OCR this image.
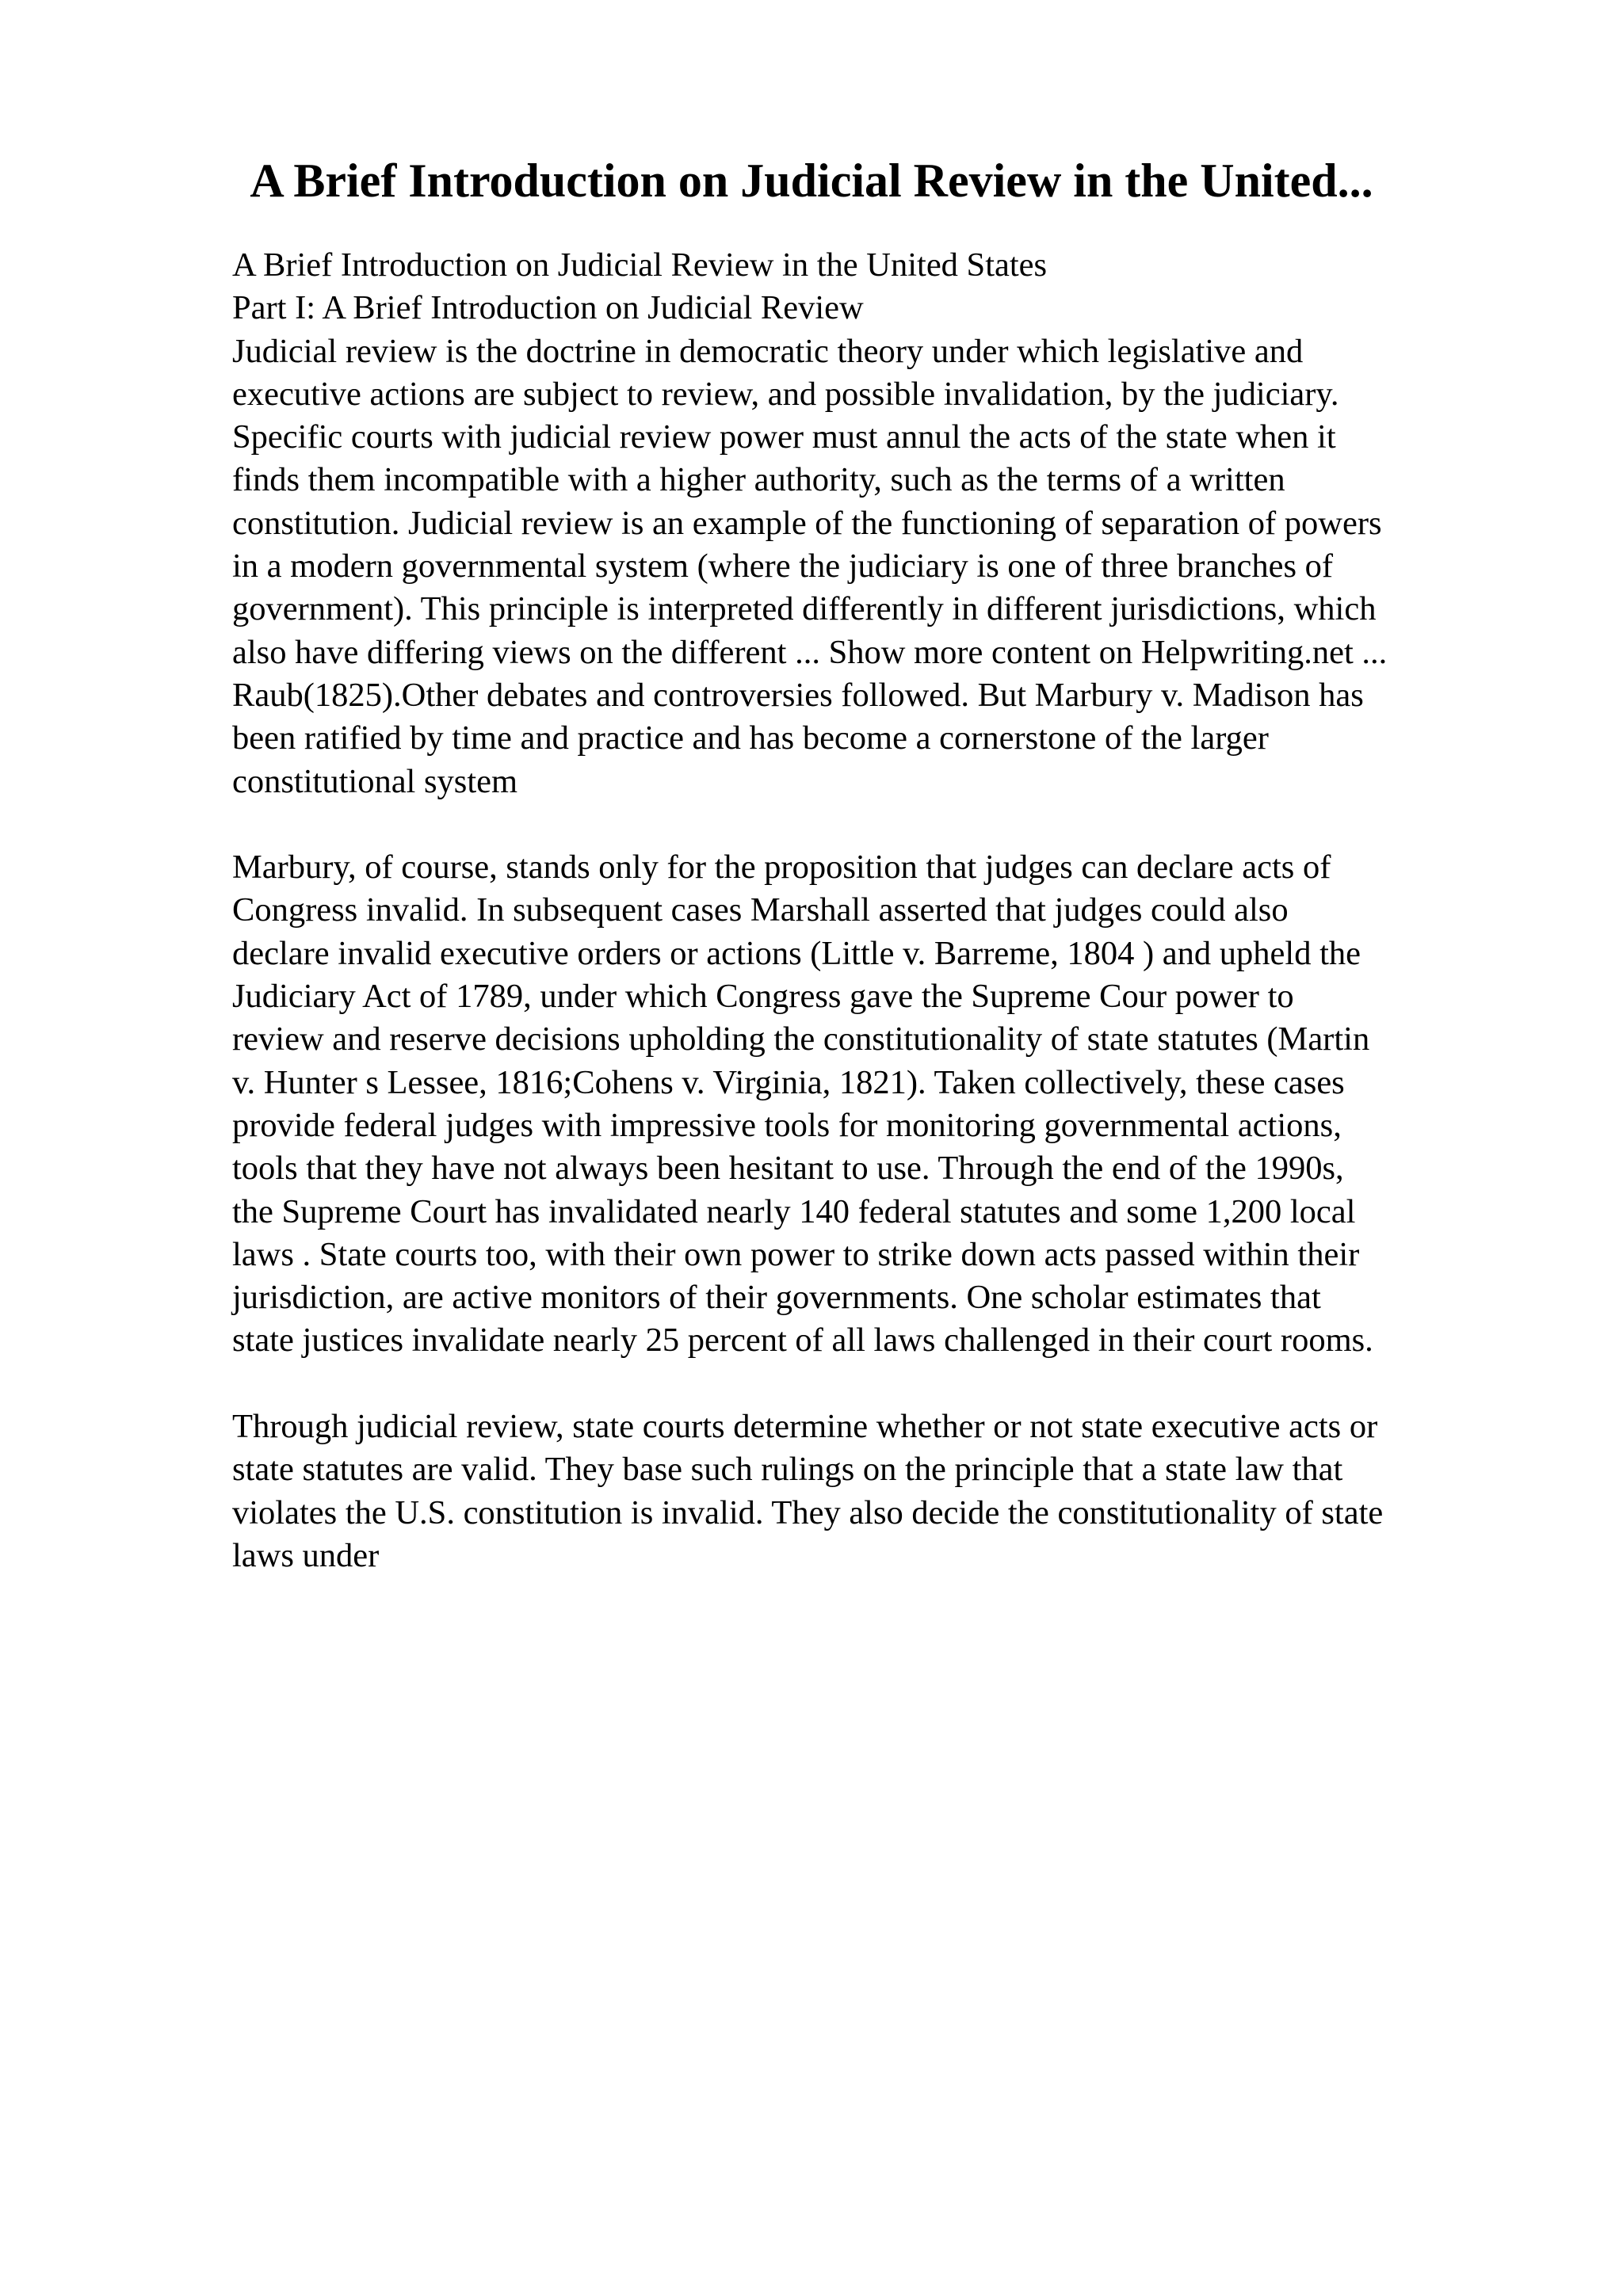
A Brief Introduction on Judicial Review in the United...
A Brief Introduction on Judicial Review in the United States
Part I: A Brief Introduction on Judicial Review
Judicial review is the doctrine in democratic theory under which legislative and
executive actions are subject to review, and possible invalidation, by the judiciary.
Specific courts with judicial review power must annul the acts of the state when it
finds them incompatible with a higher authority, such as the terms of a written
constitution. Judicial review is an example of the functioning of separation of powers
in a modern governmental system (where the judiciary is one of three branches of
government). This principle is interpreted differently in different jurisdictions, which
also have differing views on the different ... Show more content on Helpwriting.net ...
Raub(1825).Other debates and controversies followed. But Marbury v. Madison has
been ratified by time and practice and has become a cornerstone of the larger
constitutional system
Marbury, of course, stands only for the proposition that judges can declare acts of
Congress invalid. In subsequent cases Marshall asserted that judges could also
declare invalid executive orders or actions (Little v. Barreme, 1804 ) and upheld the
Judiciary Act of 1789, under which Congress gave the Supreme Cour power to
review and reserve decisions upholding the constitutionality of state statutes (Martin
v. Hunter s Lessee, 1816;Cohens v. Virginia, 1821). Taken collectively, these cases
provide federal judges with impressive tools for monitoring governmental actions,
tools that they have not always been hesitant to use. Through the end of the 1990s,
the Supreme Court has invalidated nearly 140 federal statutes and some 1,200 local
laws . State courts too, with their own power to strike down acts passed within their
jurisdiction, are active monitors of their governments. One scholar estimates that
state justices invalidate nearly 25 percent of all laws challenged in their court rooms.
Through judicial review, state courts determine whether or not state executive acts or
state statutes are valid. They base such rulings on the principle that a state law that
violates the U.S. constitution is invalid. They also decide the constitutionality of state
laws under
